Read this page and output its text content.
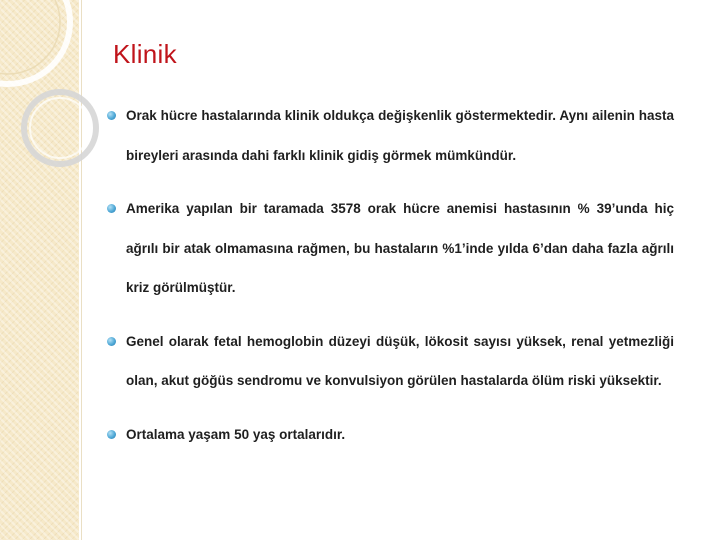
Klinik
Orak hücre hastalarında klinik oldukça değişkenlik göstermektedir. Aynı ailenin hasta bireyleri arasında dahi farklı klinik gidiş görmek mümkündür.
Amerika yapılan bir taramada 3578 orak hücre anemisi hastasının % 39’unda hiç ağrılı bir atak olmamasına rağmen, bu hastaların %1’inde yılda 6’dan daha fazla ağrılı kriz görülmüştür.
Genel olarak fetal hemoglobin düzeyi düşük, lökosit sayısı yüksek, renal yetmezliği olan, akut göğüs sendromu ve konvulsiyon görülen hastalarda ölüm riski yüksektir.
Ortalama yaşam 50 yaş ortalarıdır.
